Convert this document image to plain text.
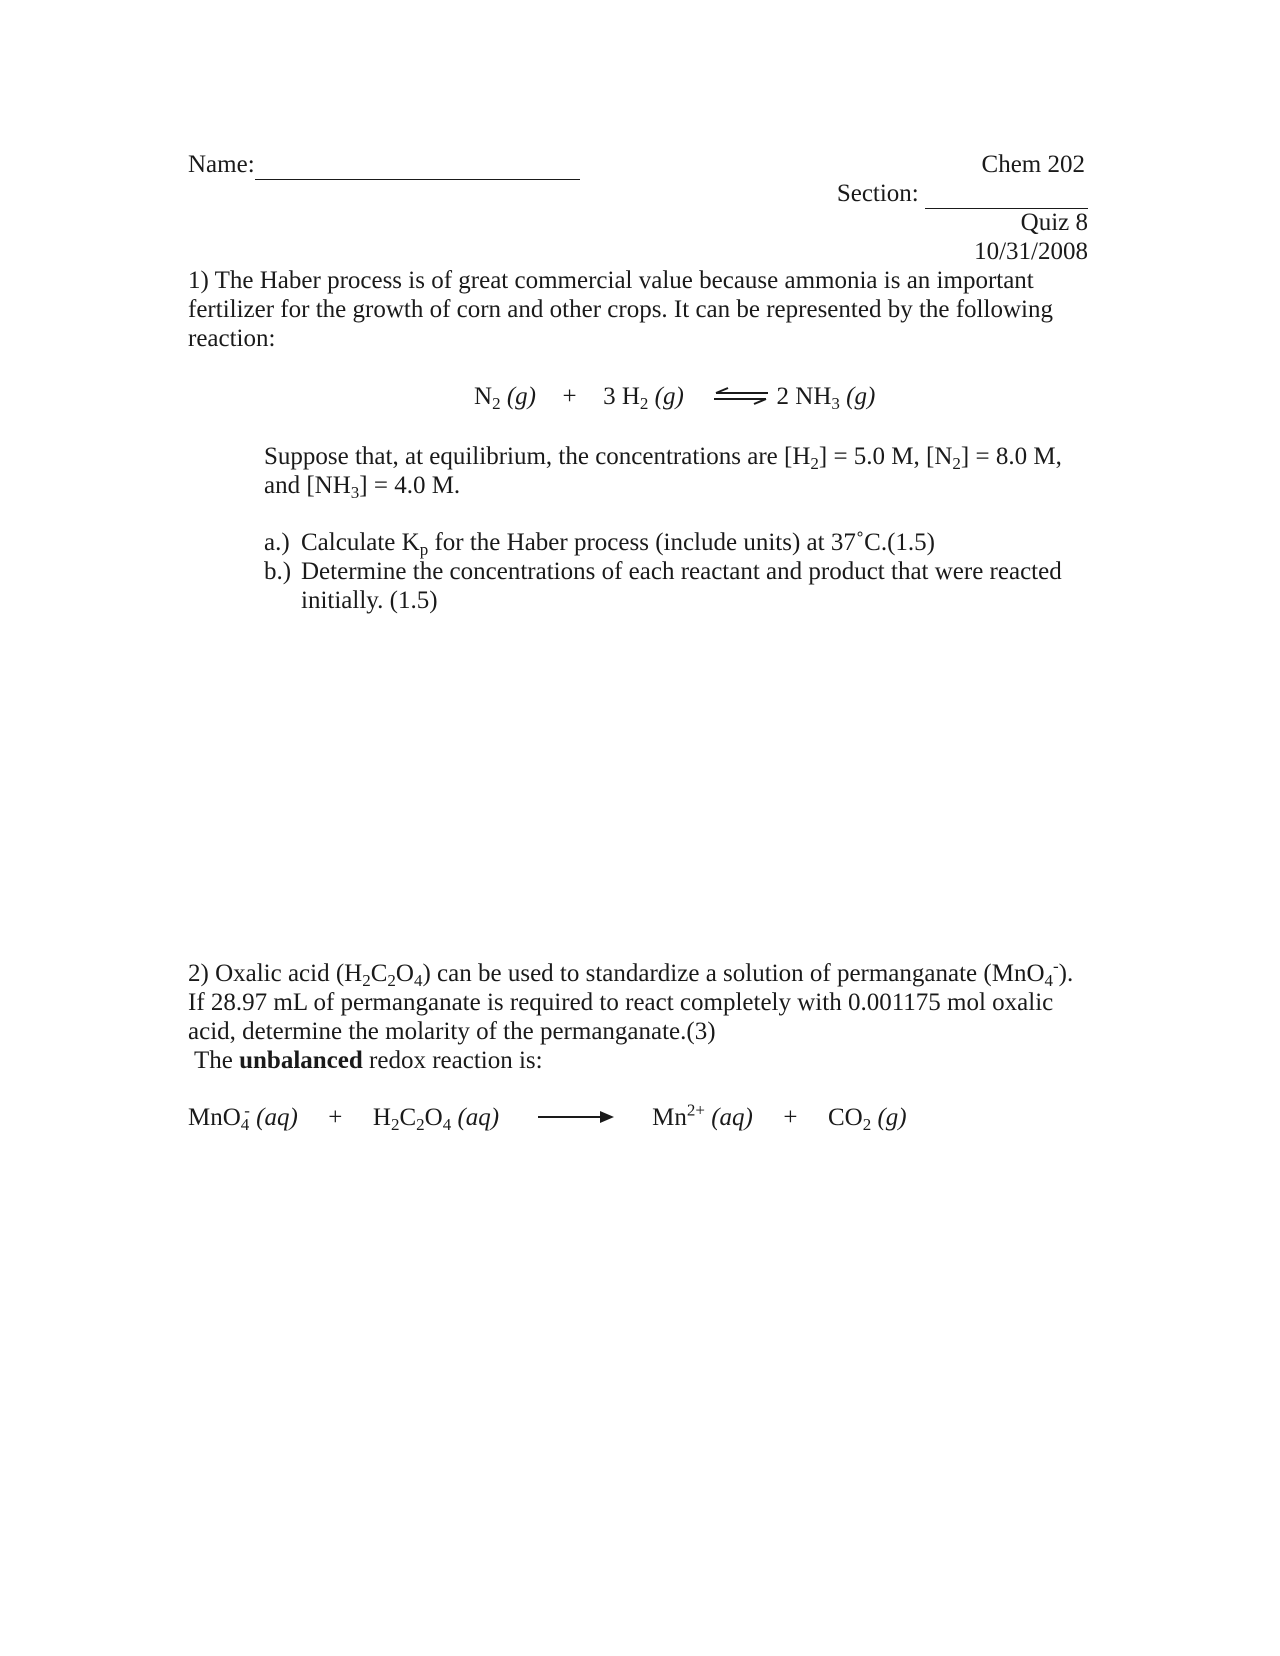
Name:	Chem 202
Section:
Quiz 8
10/31/2008
1) The Haber process is of great commercial value because ammonia is an important fertilizer for the growth of corn and other crops. It can be represented by the following reaction:
$N_2$ (g) + 3 $H_2$ (g) ⇌ 2 $NH_3$ (g)
Suppose that, at equilibrium, the concentrations are $[H_2] = 5.0$ M, $[N_2] = 8.0$ M,
and $[NH_3] = 4.0$ M.
a.) Calculate $K_p$ for the Haber process (include units) at 37˚C.(1.5)
b.) Determine the concentrations of each reactant and product that were reacted initially. (1.5)
2) Oxalic acid $(H_2C_2O_4)$ can be used to standardize a solution of permanganate (MnO$_4$-).
If 28.97 mL of permanganate is required to react completely with 0.001175 mol oxalic
acid, determine the molarity of the permanganate.(3)
The unbalanced redox reaction is:
MnO$_4$- $(aq) + H_2C_2O_4$ $(aq) \to Mn^{2+}$ $(aq) + CO_2$ (g)
